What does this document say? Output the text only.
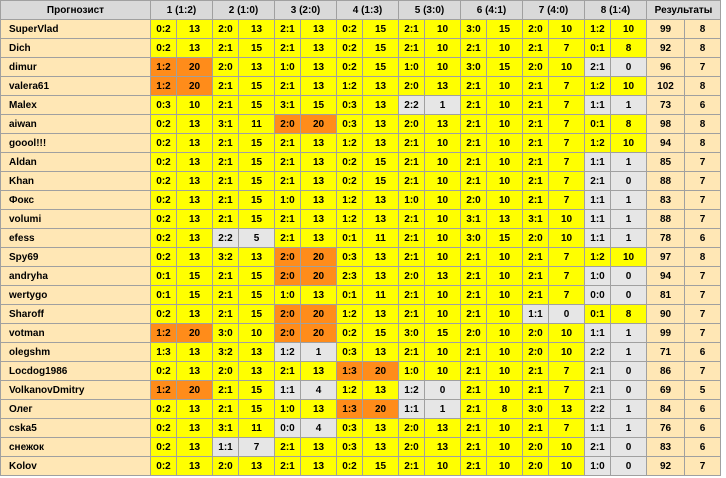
Прогнозист	1 (1:2)		2 (1:0)		3 (2:0)		4 (1:3)		5 (3:0)		6 (4:1)		7 (4:0)		8 (1:4)		Результаты	
SuperVlad	0:2	13	2:0	13	2:1	13	0:2	15	2:1	10	3:0	15	2:0	10	1:2	10	99	8
Dich	0:2	13	2:1	15	2:1	13	0:2	15	2:1	10	2:1	10	2:1	7	0:1	8	92	8
dimur	1:2	20	2:0	13	1:0	13	0:2	15	1:0	10	3:0	15	2:0	10	2:1	0	96	7
valera61	1:2	20	2:1	15	2:1	13	1:2	13	2:0	13	2:1	10	2:1	7	1:2	10	102	8
Malex	0:3	10	2:1	15	3:1	15	0:3	13	2:2	1	2:1	10	2:1	7	1:1	1	73	6
aiwan	0:2	13	3:1	11	2:0	20	0:3	13	2:0	13	2:1	10	2:1	7	0:1	8	98	8
goool!!!	0:2	13	2:1	15	2:1	13	1:2	13	2:1	10	2:1	10	2:1	7	1:2	10	94	8
Aldan	0:2	13	2:1	15	2:1	13	0:2	15	2:1	10	2:1	10	2:1	7	1:1	1	85	7
Khan	0:2	13	2:1	15	2:1	13	0:2	15	2:1	10	2:1	10	2:1	7	2:1	0	88	7
Фокс	0:2	13	2:1	15	1:0	13	1:2	13	1:0	10	2:0	10	2:1	7	1:1	1	83	7
volumi	0:2	13	2:1	15	2:1	13	1:2	13	2:1	10	3:1	13	3:1	10	1:1	1	88	7
efess	0:2	13	2:2	5	2:1	13	0:1	11	2:1	10	3:0	15	2:0	10	1:1	1	78	6
Spy69	0:2	13	3:2	13	2:0	20	0:3	13	2:1	10	2:1	10	2:1	7	1:2	10	97	8
andryha	0:1	15	2:1	15	2:0	20	2:3	13	2:0	13	2:1	10	2:1	7	1:0	0	94	7
wertygo	0:1	15	2:1	15	1:0	13	0:1	11	2:1	10	2:1	10	2:1	7	0:0	0	81	7
Sharoff	0:2	13	2:1	15	2:0	20	1:2	13	2:1	10	2:1	10	1:1	0	0:1	8	90	7
votman	1:2	20	3:0	10	2:0	20	0:2	15	3:0	15	2:0	10	2:0	10	1:1	1	99	7
olegshm	1:3	13	3:2	13	1:2	1	0:3	13	2:1	10	2:1	10	2:0	10	2:2	1	71	6
Locdog1986	0:2	13	2:0	13	2:1	13	1:3	20	1:0	10	2:1	10	2:1	7	2:1	0	86	7
VolkanovDmitry	1:2	20	2:1	15	1:1	4	1:2	13	1:2	0	2:1	10	2:1	7	2:1	0	69	5
Олег	0:2	13	2:1	15	1:0	13	1:3	20	1:1	1	2:1	8	3:0	13	2:2	1	84	6
cska5	0:2	13	3:1	11	0:0	4	0:3	13	2:0	13	2:1	10	2:1	7	1:1	1	76	6
снежок	0:2	13	1:1	7	2:1	13	0:3	13	2:0	13	2:1	10	2:0	10	2:1	0	83	6
Kolov	0:2	13	2:0	13	2:1	13	0:2	15	2:1	10	2:1	10	2:0	10	1:0	0	92	7
